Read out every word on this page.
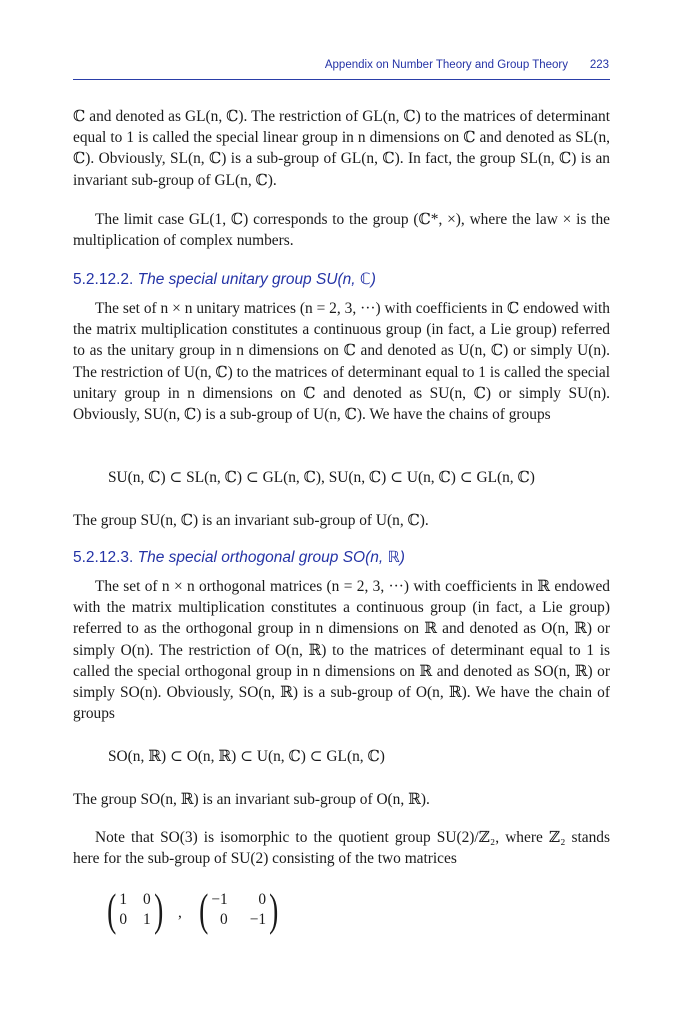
Appendix on Number Theory and Group Theory 223

ℂ and denoted as GL(n, ℂ). The restriction of GL(n, ℂ) to the matrices of determinant equal to 1 is called the special linear group in n dimensions on ℂ and denoted as SL(n, ℂ). Obviously, SL(n, ℂ) is a sub-group of GL(n, ℂ). In fact, the group SL(n, ℂ) is an invariant sub-group of GL(n, ℂ).

The limit case GL(1, ℂ) corresponds to the group (ℂ*, ×), where the law × is the multiplication of complex numbers.

5.2.12.2. The special unitary group SU(n, ℂ)

The set of n × n unitary matrices (n = 2, 3, ···) with coefficients in ℂ endowed with the matrix multiplication constitutes a continuous group (in fact, a Lie group) referred to as the unitary group in n dimensions on ℂ and denoted as U(n, ℂ) or simply U(n). The restriction of U(n, ℂ) to the matrices of determinant equal to 1 is called the special unitary group in n dimensions on ℂ and denoted as SU(n, ℂ) or simply SU(n). Obviously, SU(n, ℂ) is a sub-group of U(n, ℂ). We have the chains of groups

SU(n, ℂ) ⊂ SL(n, ℂ) ⊂ GL(n, ℂ), SU(n, ℂ) ⊂ U(n, ℂ) ⊂ GL(n, ℂ)

The group SU(n, ℂ) is an invariant sub-group of U(n, ℂ).

5.2.12.3. The special orthogonal group SO(n, ℝ)

The set of n × n orthogonal matrices (n = 2, 3, ···) with coefficients in ℝ endowed with the matrix multiplication constitutes a continuous group (in fact, a Lie group) referred to as the orthogonal group in n dimensions on ℝ and denoted as O(n, ℝ) or simply O(n). The restriction of O(n, ℝ) to the matrices of determinant equal to 1 is called the special orthogonal group in n dimensions on ℝ and denoted as SO(n, ℝ) or simply SO(n). Obviously, SO(n, ℝ) is a sub-group of O(n, ℝ). We have the chain of groups

SO(n, ℝ) ⊂ O(n, ℝ) ⊂ U(n, ℂ) ⊂ GL(n, ℂ)

The group SO(n, ℝ) is an invariant sub-group of O(n, ℝ).

Note that SO(3) is isomorphic to the quotient group SU(2)/ℤ₂, where ℤ₂ stands here for the sub-group of SU(2) consisting of the two matrices

( 1 0
0 1 ) , ( −1	0
0 −1 )
